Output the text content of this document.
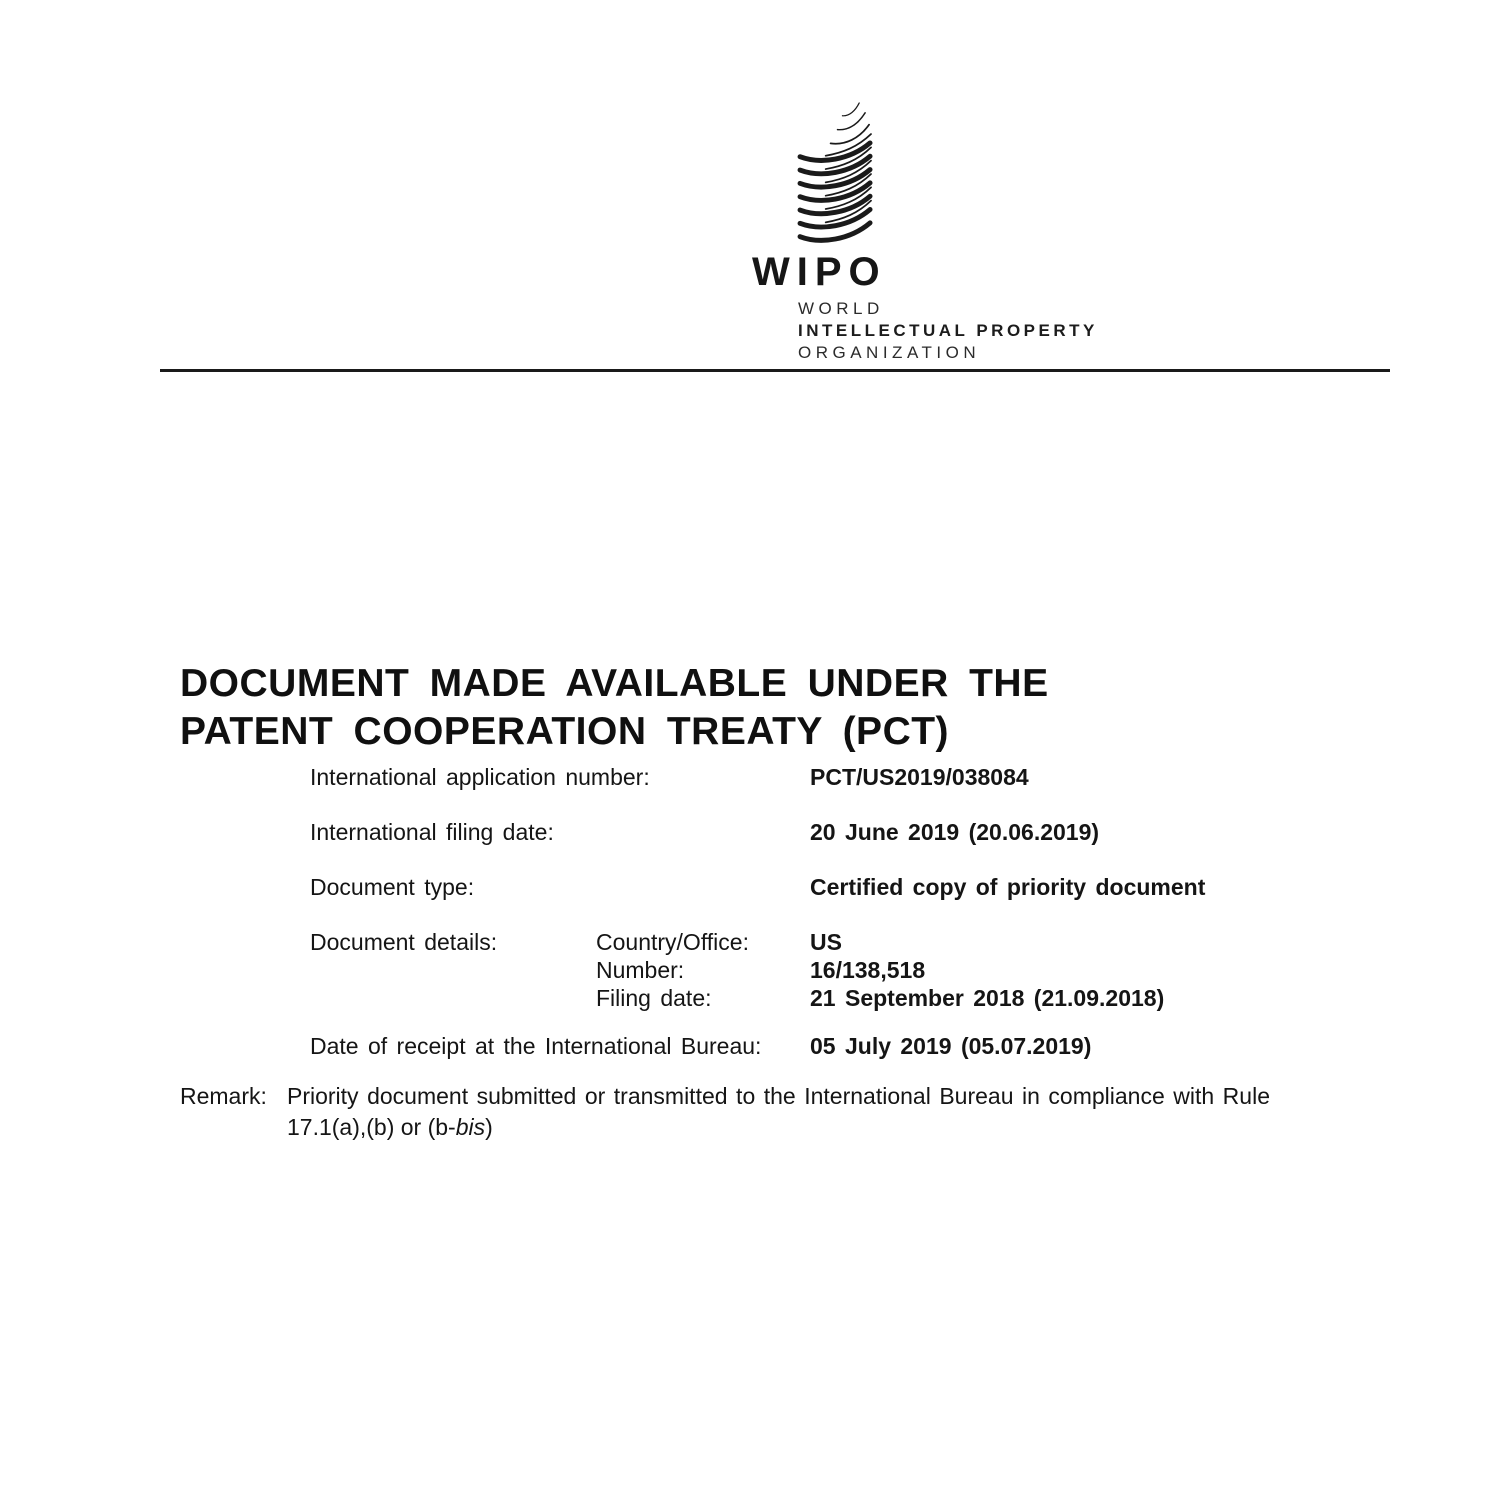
WIPO
WORLD
INTELLECTUAL PROPERTY
ORGANIZATION
DOCUMENT MADE AVAILABLE UNDER THE
PATENT COOPERATION TREATY (PCT)
International application number:	PCT/US2019/038084
International filing date:	20 June 2019 (20.06.2019)
Document type:	Certified copy of priority document
Document details:	Country/Office:	US
Number:	16/138,518
Filing date:	21 September 2018 (21.09.2018)
Date of receipt at the International Bureau: 05 July 2019 (05.07.2019)
Remark: Priority document submitted or transmitted to the International Bureau in compliance with Rule
17.1(a),(b) or (b-bis)
